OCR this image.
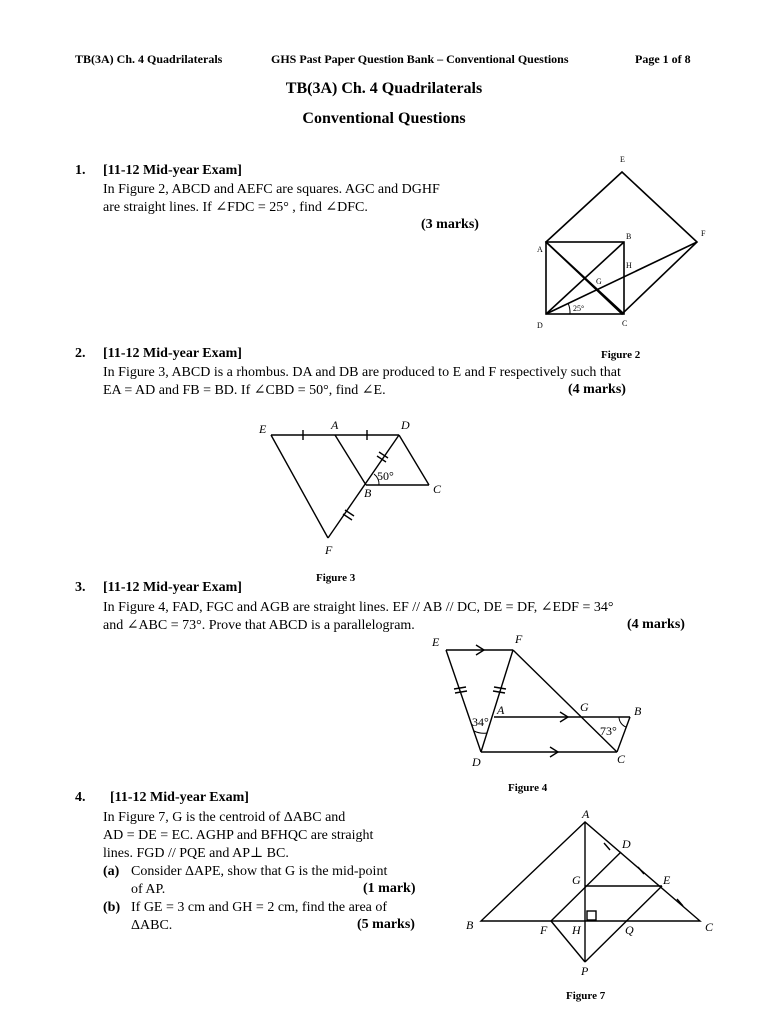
TB(3A) Ch. 4 Quadrilaterals	GHS Past Paper Question Bank – Conventional Questions	Page 1 of 8
TB(3A) Ch. 4 Quadrilaterals
Conventional Questions
1. [11-12 Mid-year Exam]
In Figure 2, ABCD and AEFC are squares. AGC and DGHF
are straight lines. If ∠FDC = 25° , find ∠DFC.
(3 marks)
E
F
A
B
G
H
D	C
25°
Figure 2
2. [11-12 Mid-year Exam]
In Figure 3, ABCD is a rhombus. DA and DB are produced to E and F respectively such that
EA = AD and FB = BD. If ∠CBD = 50°, find ∠E.	(4 marks)
E	A	D
B	C
F
50°
Figure 3
3. [11-12 Mid-year Exam]
In Figure 4, FAD, FGC and AGB are straight lines. EF // AB // DC, DE = DF, ∠EDF = 34°
and ∠ABC = 73°. Prove that ABCD is a parallelogram.	(4 marks)
E	F
A	G	B
D	C
34°
73°
Figure 4
4. [11-12 Mid-year Exam]
In Figure 7, G is the centroid of ΔABC and
AD = DE = EC. AGHP and BFHQC are straight
lines. FGD // PQE and AP⊥ BC.
(a) Consider ΔAPE, show that G is the mid-point
of AP.	(1 mark)
(b) If GE = 3 cm and GH = 2 cm, find the area of
ΔABC.	(5 marks)
A
D
G	E
B	F H	Q	C
P
Figure 7
